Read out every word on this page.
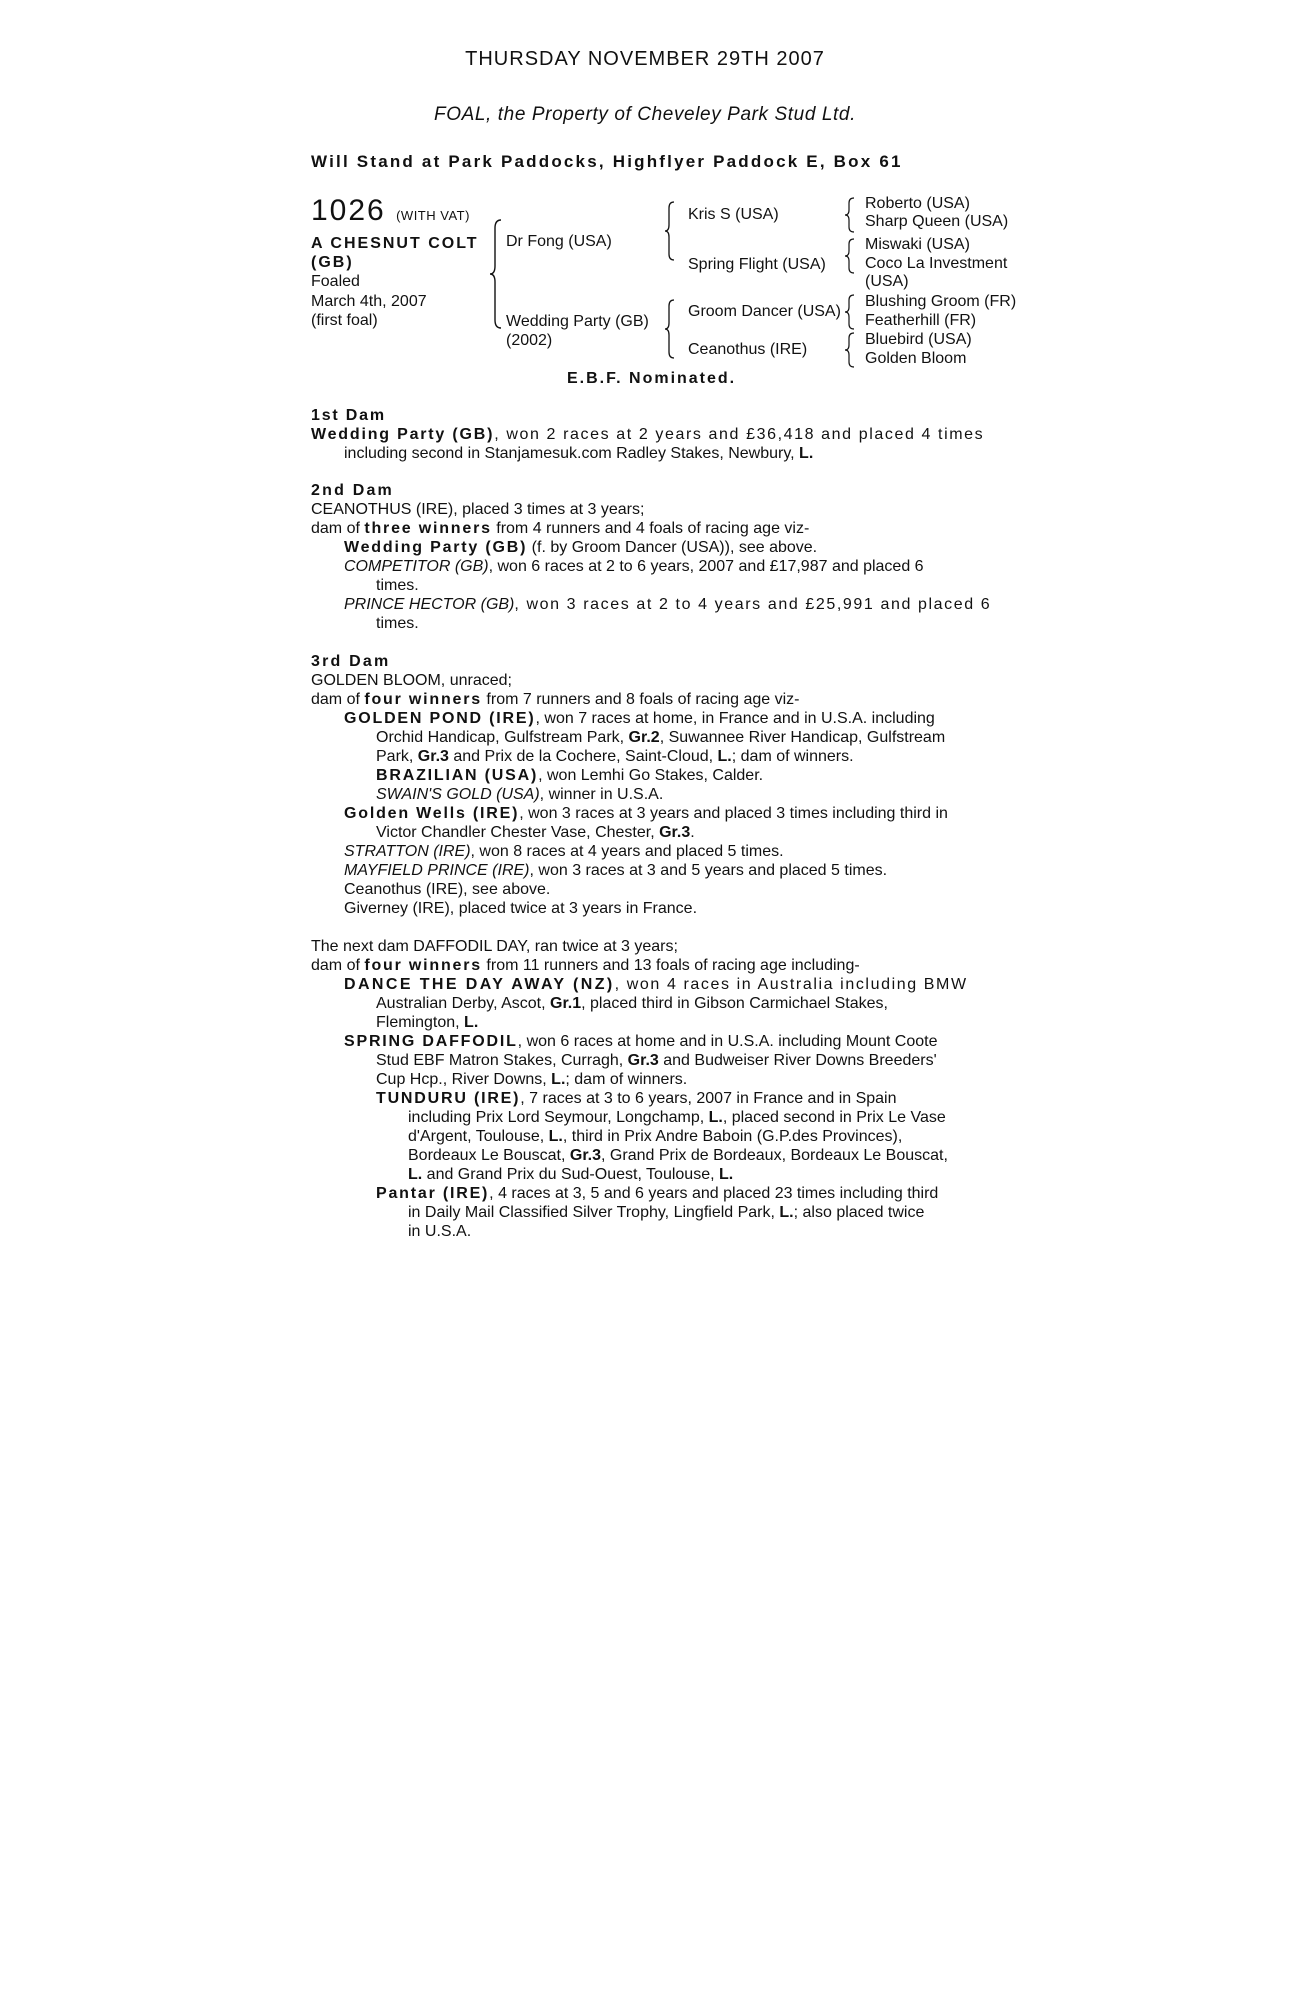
THURSDAY NOVEMBER 29TH 2007
FOAL, the Property of Cheveley Park Stud Ltd.
Will Stand at Park Paddocks, Highflyer Paddock E, Box 61
1026 (WITH VAT)
A CHESNUT COLT
(GB)
Foaled
March 4th, 2007
(first foal)
Dr Fong (USA)
Wedding Party (GB)
(2002)
Kris S (USA)
Spring Flight (USA)
Groom Dancer (USA)
Ceanothus (IRE)
Roberto (USA)
Sharp Queen (USA)
Miswaki (USA)
Coco La Investment
(USA)
Blushing Groom (FR)
Featherhill (FR)
Bluebird (USA)
Golden Bloom
E.B.F. Nominated.
1st Dam
Wedding Party (GB), won 2 races at 2 years and £36,418 and placed 4 times
including second in Stanjamesuk.com Radley Stakes, Newbury, L.
2nd Dam
CEANOTHUS (IRE), placed 3 times at 3 years;
dam of three winners from 4 runners and 4 foals of racing age viz-
Wedding Party (GB) (f. by Groom Dancer (USA)), see above.
COMPETITOR (GB), won 6 races at 2 to 6 years, 2007 and £17,987 and placed 6
times.
PRINCE HECTOR (GB), won 3 races at 2 to 4 years and £25,991 and placed 6
times.
3rd Dam
GOLDEN BLOOM, unraced;
dam of four winners from 7 runners and 8 foals of racing age viz-
GOLDEN POND (IRE), won 7 races at home, in France and in U.S.A. including
Orchid Handicap, Gulfstream Park, Gr.2, Suwannee River Handicap, Gulfstream
Park, Gr.3 and Prix de la Cochere, Saint-Cloud, L.; dam of winners.
BRAZILIAN (USA), won Lemhi Go Stakes, Calder.
SWAIN'S GOLD (USA), winner in U.S.A.
Golden Wells (IRE), won 3 races at 3 years and placed 3 times including third in
Victor Chandler Chester Vase, Chester, Gr.3.
STRATTON (IRE), won 8 races at 4 years and placed 5 times.
MAYFIELD PRINCE (IRE), won 3 races at 3 and 5 years and placed 5 times.
Ceanothus (IRE), see above.
Giverney (IRE), placed twice at 3 years in France.
The next dam DAFFODIL DAY, ran twice at 3 years;
dam of four winners from 11 runners and 13 foals of racing age including-
DANCE THE DAY AWAY (NZ), won 4 races in Australia including BMW
Australian Derby, Ascot, Gr.1, placed third in Gibson Carmichael Stakes,
Flemington, L.
SPRING DAFFODIL, won 6 races at home and in U.S.A. including Mount Coote
Stud EBF Matron Stakes, Curragh, Gr.3 and Budweiser River Downs Breeders'
Cup Hcp., River Downs, L.; dam of winners.
TUNDURU (IRE), 7 races at 3 to 6 years, 2007 in France and in Spain
including Prix Lord Seymour, Longchamp, L., placed second in Prix Le Vase
d'Argent, Toulouse, L., third in Prix Andre Baboin (G.P.des Provinces),
Bordeaux Le Bouscat, Gr.3, Grand Prix de Bordeaux, Bordeaux Le Bouscat,
L. and Grand Prix du Sud-Ouest, Toulouse, L.
Pantar (IRE), 4 races at 3, 5 and 6 years and placed 23 times including third
in Daily Mail Classified Silver Trophy, Lingfield Park, L.; also placed twice
in U.S.A.
